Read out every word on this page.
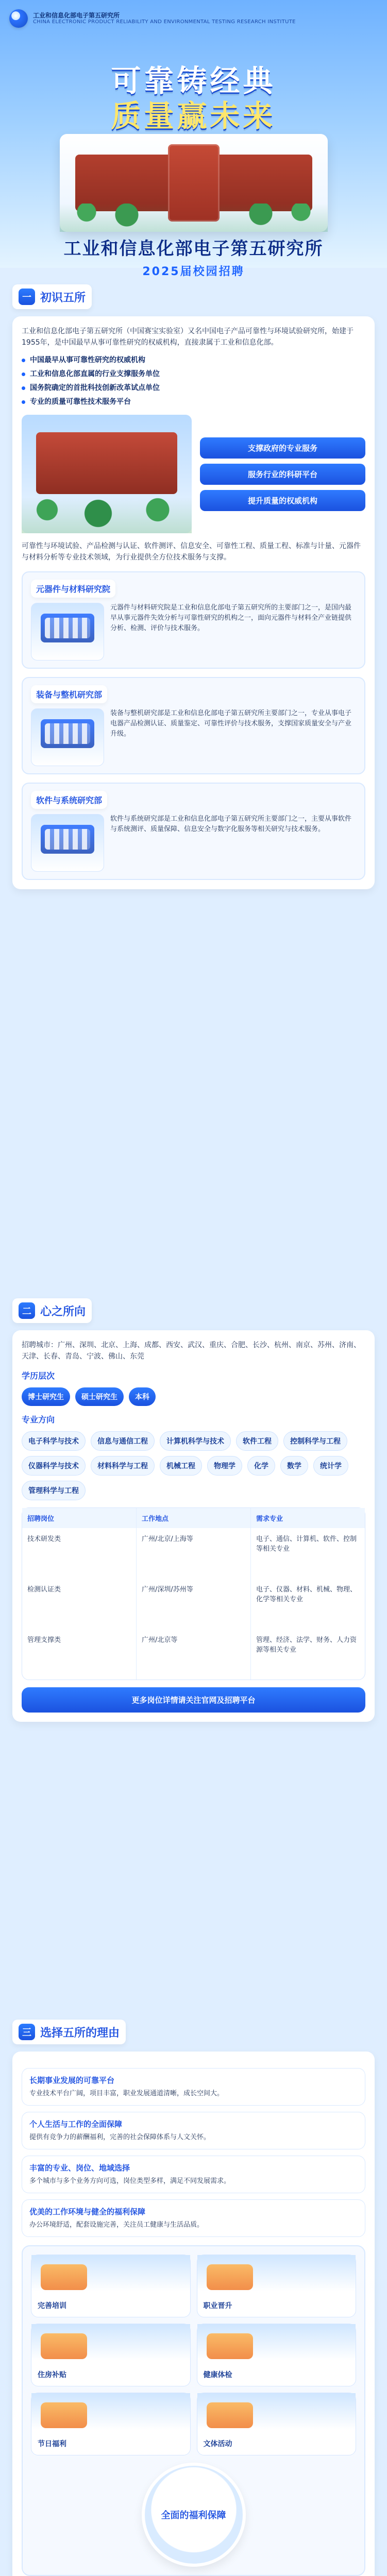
工业和信息化部电子第五研究所
CHINA ELECTRONIC PRODUCT RELIABILITY AND ENVIRONMENTAL TESTING RESEARCH INSTITUTE
可靠铸经典
质量赢未来
工业和信息化部电子第五研究所
2025届校园招聘
一 初识五所
工业和信息化部电子第五研究所（中国赛宝实验室）又名中国电子产品可靠性与环境试验研究所，始建于1955年，是中国最早从事可靠性研究的权威机构，直接隶属于工业和信息化部。
中国最早从事可靠性研究的权威机构
工业和信息化部直属的行业支撑服务单位
国务院确定的首批科技创新改革试点单位
专业的质量可靠性技术服务平台
支撑政府的专业服务
服务行业的科研平台
提升质量的权威机构
可靠性与环境试验、产品检测与认证、软件测评、信息安全、可靠性工程、质量工程、标准与计量、元器件与材料分析等专业技术领域，为行业提供全方位技术服务与支撑。
元器件与材料研究院
元器件与材料研究院是工业和信息化部电子第五研究所的主要部门之一，是国内最早从事元器件失效分析与可靠性研究的机构之一，面向元器件与材料全产业链提供分析、检测、评价与技术服务。
装备与整机研究部
装备与整机研究部是工业和信息化部电子第五研究所主要部门之一，专业从事电子电器产品检测认证、质量鉴定、可靠性评价与技术服务，支撑国家质量安全与产业升级。
软件与系统研究部
软件与系统研究部是工业和信息化部电子第五研究所主要部门之一，主要从事软件与系统测评、质量保障、信息安全与数字化服务等相关研究与技术服务。
二 心之所向
招聘城市：广州、深圳、北京、上海、成都、西安、武汉、重庆、合肥、长沙、杭州、南京、苏州、济南、天津、长春、青岛、宁波、佛山、东莞
学历层次
博士研究生	硕士研究生	本科
专业方向
电子科学与技术	信息与通信工程	计算机科学与技术	软件工程	控制科学与工程
仪器科学与技术	材料科学与工程	机械工程	物理学	化学	数学	统计学
管理科学与工程
招聘岗位	工作地点	需求专业
技术研发类	广州/北京/上海等	电子、通信、计算机、软件、控制等相关专业
检测认证类	广州/深圳/苏州等	电子、仪器、材料、机械、物理、化学等相关专业
管理支撑类	广州/北京等	管理、经济、法学、财务、人力资源等相关专业
更多岗位详情请关注官网及招聘平台
三 选择五所的理由
长期事业发展的可靠平台
专业技术平台广阔，项目丰富，职业发展通道清晰，成长空间大。
个人生活与工作的全面保障
提供有竞争力的薪酬福利，完善的社会保障体系与人文关怀。
丰富的专业、岗位、地域选择
多个城市与多个业务方向可选，岗位类型多样，满足不同发展需求。
优美的工作环境与健全的福利保障
办公环境舒适，配套设施完善，关注员工健康与生活品质。
完善培训	职业晋升
住房补贴	健康体检
节日福利	文体活动
全面的福利保障
